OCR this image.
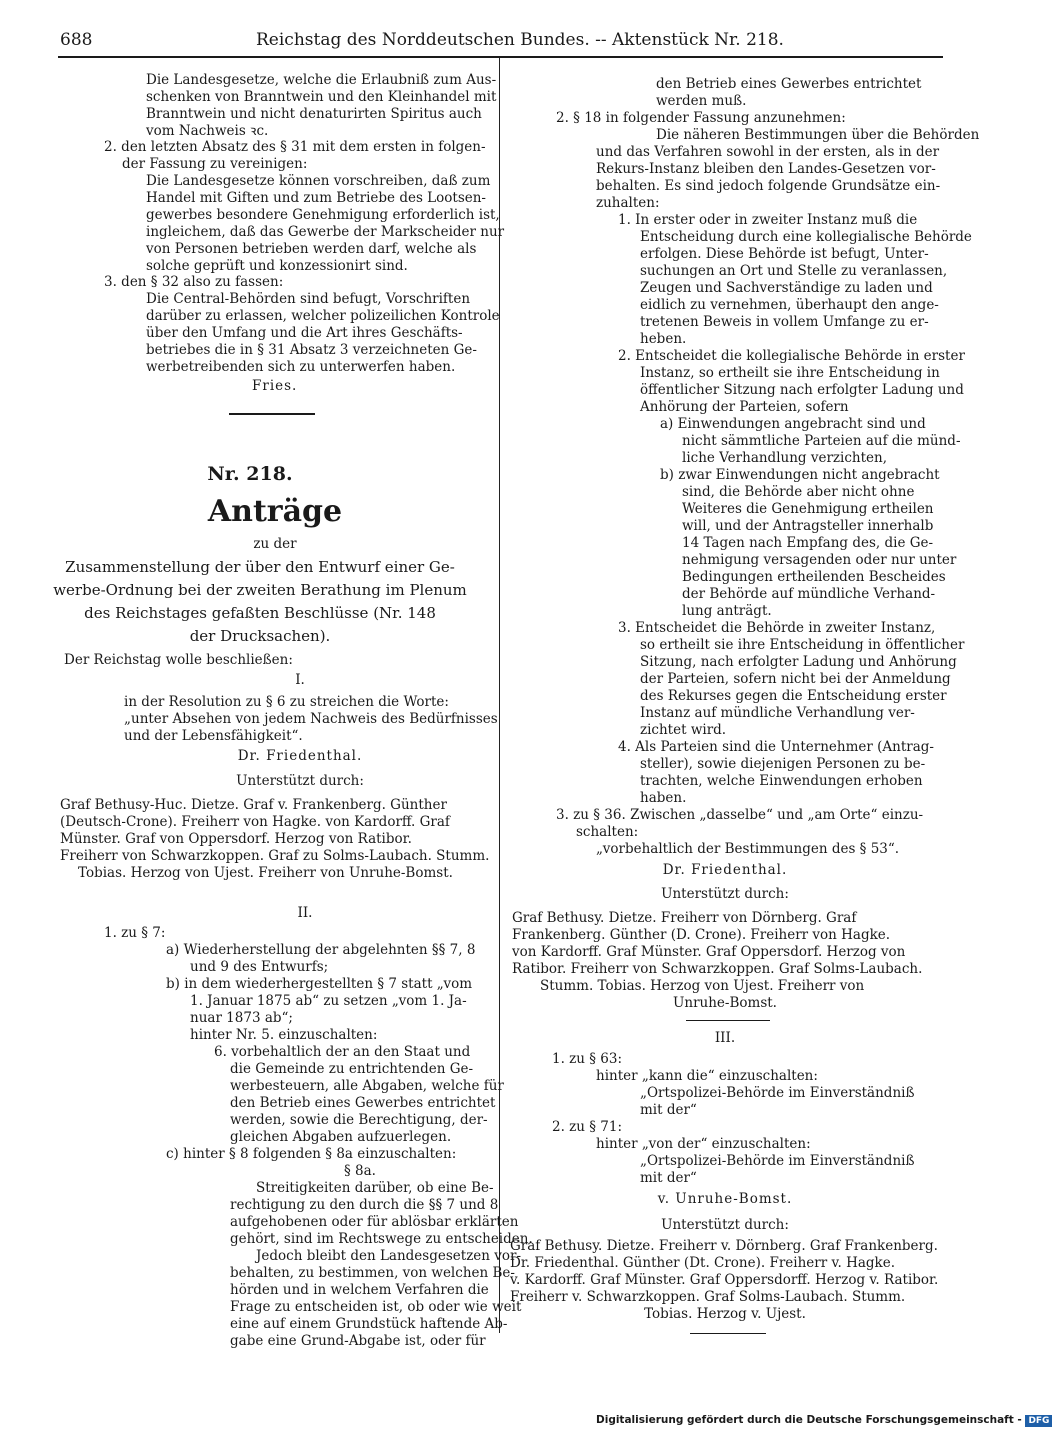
688	Reichstag des Norddeutschen Bundes. -- Aktenstück Nr. 218.
Die Landesgesetze, welche die Erlaubniß zum Aus-
schenken von Branntwein und den Kleinhandel mit
Branntwein und nicht denaturirten Spiritus auch
vom Nachweis ꝛc.
2. den letzten Absatz des § 31 mit dem ersten in folgen-
der Fassung zu vereinigen:
Die Landesgesetze können vorschreiben, daß zum
Handel mit Giften und zum Betriebe des Lootsen-
gewerbes besondere Genehmigung erforderlich ist,
ingleichem, daß das Gewerbe der Markscheider nur
von Personen betrieben werden darf, welche als
solche geprüft und konzessionirt sind.
3. den § 32 also zu fassen:
Die Central-Behörden sind befugt, Vorschriften
darüber zu erlassen, welcher polizeilichen Kontrole
über den Umfang und die Art ihres Geschäfts-
betriebes die in § 31 Absatz 3 verzeichneten Ge-
werbetreibenden sich zu unterwerfen haben.
Fries.
Nr. 218.
Anträge
zu der
Zusammenstellung der über den Entwurf einer Ge-
werbe-Ordnung bei der zweiten Berathung im Plenum
des Reichstages gefaßten Beschlüsse (Nr. 148
der Drucksachen).
Der Reichstag wolle beschließen:
I.
in der Resolution zu § 6 zu streichen die Worte:
„unter Absehen von jedem Nachweis des Bedürfnisses
und der Lebensfähigkeit“.
Dr. Friedenthal.
Unterstützt durch:
Graf Bethusy-Huc. Dietze. Graf v. Frankenberg. Günther
(Deutsch-Crone). Freiherr von Hagke. von Kardorff. Graf
Münster. Graf von Oppersdorf. Herzog von Ratibor.
Freiherr von Schwarzkoppen. Graf zu Solms-Laubach. Stumm.
Tobias. Herzog von Ujest. Freiherr von Unruhe-Bomst.
II.
1. zu § 7:
a) Wiederherstellung der abgelehnten §§ 7, 8
und 9 des Entwurfs;
b) in dem wiederhergestellten § 7 statt „vom
1. Januar 1875 ab“ zu setzen „vom 1. Ja-
nuar 1873 ab“;
hinter Nr. 5. einzuschalten:
6. vorbehaltlich der an den Staat und
die Gemeinde zu entrichtenden Ge-
werbesteuern, alle Abgaben, welche für
den Betrieb eines Gewerbes entrichtet
werden, sowie die Berechtigung, der-
gleichen Abgaben aufzuerlegen.
c) hinter § 8 folgenden § 8a einzuschalten:
§ 8a.
Streitigkeiten darüber, ob eine Be-
rechtigung zu den durch die §§ 7 und 8
aufgehobenen oder für ablösbar erklärten
gehört, sind im Rechtswege zu entscheiden.
Jedoch bleibt den Landesgesetzen vor-
behalten, zu bestimmen, von welchen Be-
hörden und in welchem Verfahren die
Frage zu entscheiden ist, ob oder wie weit
eine auf einem Grundstück haftende Ab-
gabe eine Grund-Abgabe ist, oder für
den Betrieb eines Gewerbes entrichtet
werden muß.
2. § 18 in folgender Fassung anzunehmen:
Die näheren Bestimmungen über die Behörden
und das Verfahren sowohl in der ersten, als in der
Rekurs-Instanz bleiben den Landes-Gesetzen vor-
behalten. Es sind jedoch folgende Grundsätze ein-
zuhalten:
1. In erster oder in zweiter Instanz muß die
Entscheidung durch eine kollegialische Behörde
erfolgen. Diese Behörde ist befugt, Unter-
suchungen an Ort und Stelle zu veranlassen,
Zeugen und Sachverständige zu laden und
eidlich zu vernehmen, überhaupt den ange-
tretenen Beweis in vollem Umfange zu er-
heben.
2. Entscheidet die kollegialische Behörde in erster
Instanz, so ertheilt sie ihre Entscheidung in
öffentlicher Sitzung nach erfolgter Ladung und
Anhörung der Parteien, sofern
a) Einwendungen angebracht sind und
nicht sämmtliche Parteien auf die münd-
liche Verhandlung verzichten,
b) zwar Einwendungen nicht angebracht
sind, die Behörde aber nicht ohne
Weiteres die Genehmigung ertheilen
will, und der Antragsteller innerhalb
14 Tagen nach Empfang des, die Ge-
nehmigung versagenden oder nur unter
Bedingungen ertheilenden Bescheides
der Behörde auf mündliche Verhand-
lung anträgt.
3. Entscheidet die Behörde in zweiter Instanz,
so ertheilt sie ihre Entscheidung in öffentlicher
Sitzung, nach erfolgter Ladung und Anhörung
der Parteien, sofern nicht bei der Anmeldung
des Rekurses gegen die Entscheidung erster
Instanz auf mündliche Verhandlung ver-
zichtet wird.
4. Als Parteien sind die Unternehmer (Antrag-
steller), sowie diejenigen Personen zu be-
trachten, welche Einwendungen erhoben
haben.
3. zu § 36. Zwischen „dasselbe“ und „am Orte“ einzu-
schalten:
„vorbehaltlich der Bestimmungen des § 53“.
Dr. Friedenthal.
Unterstützt durch:
Graf Bethusy. Dietze. Freiherr von Dörnberg. Graf
Frankenberg. Günther (D. Crone). Freiherr von Hagke.
von Kardorff. Graf Münster. Graf Oppersdorf. Herzog von
Ratibor. Freiherr von Schwarzkoppen. Graf Solms-Laubach.
Stumm. Tobias. Herzog von Ujest. Freiherr von
Unruhe-Bomst.
III.
1. zu § 63:
hinter „kann die“ einzuschalten:
„Ortspolizei-Behörde im Einverständniß
mit der“
2. zu § 71:
hinter „von der“ einzuschalten:
„Ortspolizei-Behörde im Einverständniß
mit der“
v. Unruhe-Bomst.
Unterstützt durch:
Graf Bethusy. Dietze. Freiherr v. Dörnberg. Graf Frankenberg.
Dr. Friedenthal. Günther (Dt. Crone). Freiherr v. Hagke.
v. Kardorff. Graf Münster. Graf Oppersdorff. Herzog v. Ratibor.
Freiherr v. Schwarzkoppen. Graf Solms-Laubach. Stumm.
Tobias. Herzog v. Ujest.
Digitalisierung gefördert durch die Deutsche Forschungsgemeinschaft - DFG
